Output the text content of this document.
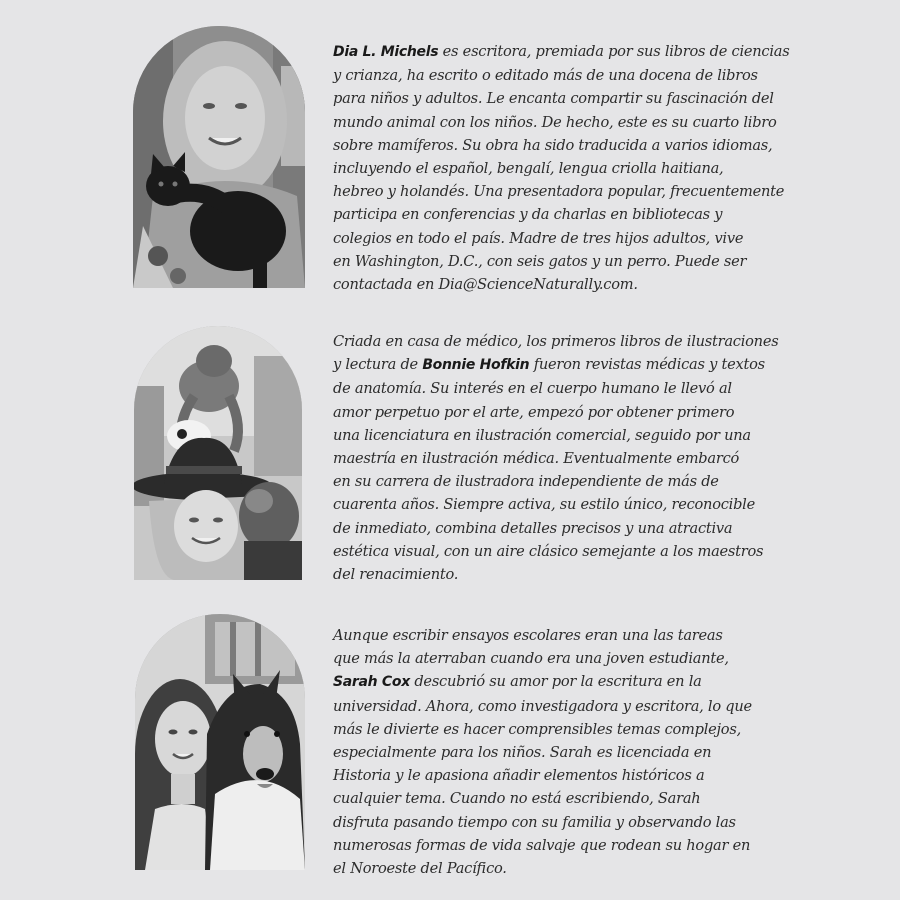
Dia L. Michels es escritora, premiada por sus libros de ciencias
y crianza, ha escrito o editado más de una docena de libros
para niños y adultos. Le encanta compartir su fascinación del
mundo animal con los niños. De hecho, este es su cuarto libro
sobre mamíferos. Su obra ha sido traducida a varios idiomas,
incluyendo el español, bengalí, lengua criolla haitiana,
hebreo y holandés. Una presentadora popular, frecuentemente
participa en conferencias y da charlas en bibliotecas y
colegios en todo el país. Madre de tres hijos adultos, vive
en Washington, D.C., con seis gatos y un perro. Puede ser
contactada en Dia@ScienceNaturally.com.
Criada en casa de médico, los primeros libros de ilustraciones
y lectura de Bonnie Hofkin fueron revistas médicas y textos
de anatomía. Su interés en el cuerpo humano le llevó al
amor perpetuo por el arte, empezó por obtener primero
una licenciatura en ilustración comercial, seguido por una
maestría en ilustración médica. Eventualmente embarcó
en su carrera de ilustradora independiente de más de
cuarenta años. Siempre activa, su estilo único, reconocible
de inmediato, combina detalles precisos y una atractiva
estética visual, con un aire clásico semejante a los maestros
del renacimiento.
Aunque escribir ensayos escolares eran una las tareas
que más la aterraban cuando era una joven estudiante,
Sarah Cox descubrió su amor por la escritura en la
universidad. Ahora, como investigadora y escritora, lo que
más le divierte es hacer comprensibles temas complejos,
especialmente para los niños. Sarah es licenciada en
Historia y le apasiona añadir elementos históricos a
cualquier tema. Cuando no está escribiendo, Sarah
disfruta pasando tiempo con su familia y observando las
numerosas formas de vida salvaje que rodean su hogar en
el Noroeste del Pacífico.
